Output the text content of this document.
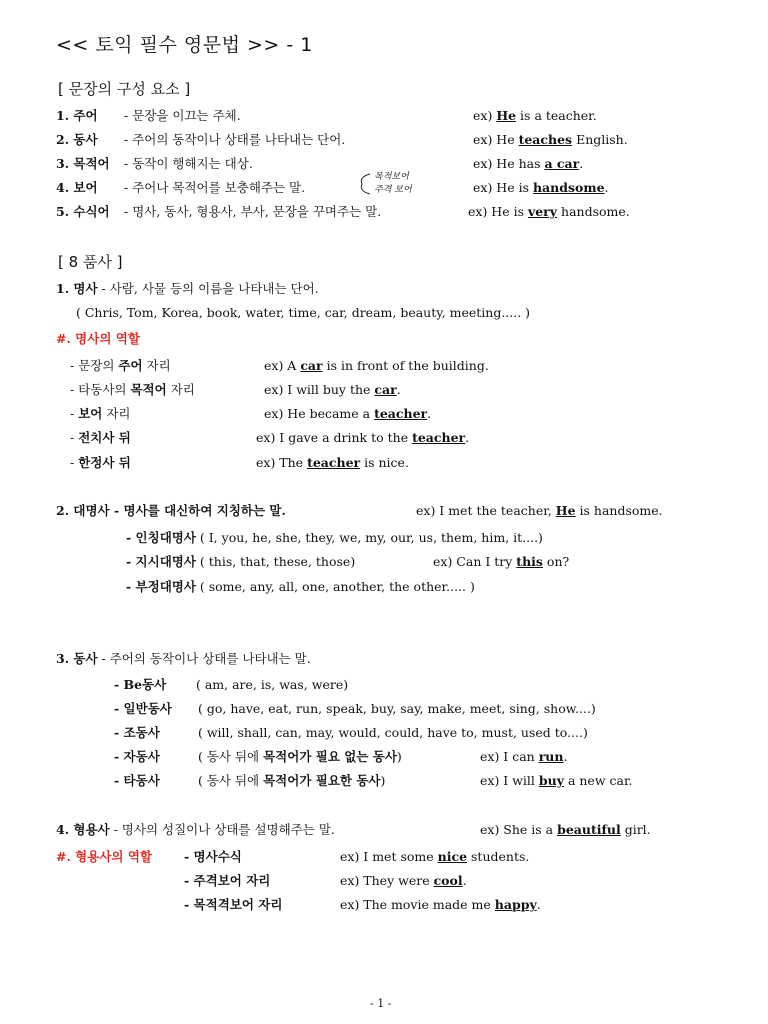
<< 토익 필수 영문법 >> - 1
[ 문장의 구성 요소 ]
1. 주어 - 문장을 이끄는 주체.	ex) He is a teacher.
2. 동사 - 주어의 동작이나 상태를 나타내는 단어.	ex) He teaches English.
3. 목적어 - 동작이 행해지는 대상.	ex) He has a car.
4. 보어 - 주어나 목적어를 보충해주는 말.	ex) He is handsome.
목적보어
주격 보어
5. 수식어 - 명사, 동사, 형용사, 부사, 문장을 꾸며주는 말.	ex) He is very handsome.
[ 8 품사 ]
1. 명사 - 사람, 사물 등의 이름을 나타내는 단어.
( Chris, Tom, Korea, book, water, time, car, dream, beauty, meeting..... )
#. 명사의 역할
- 문장의 주어 자리	ex) A car is in front of the building.
- 타동사의 목적어 자리	ex) I will buy the car.
- 보어 자리	ex) He became a teacher.
- 전치사 뒤	ex) I gave a drink to the teacher.
- 한정사 뒤	ex) The teacher is nice.
2. 대명사 - 명사를 대신하여 지칭하는 말.	ex) I met the teacher, He is handsome.
- 인칭대명사 ( I, you, he, she, they, we, my, our, us, them, him, it....)
- 지시대명사 ( this, that, these, those)	ex) Can I try this on?
- 부정대명사 ( some, any, all, one, another, the other..... )
3. 동사 - 주어의 동작이나 상태를 나타내는 말.
- Be동사 ( am, are, is, was, were)
- 일반동사 ( go, have, eat, run, speak, buy, say, make, meet, sing, show....)
- 조동사	( will, shall, can, may, would, could, have to, must, used to....)
- 자동사	( 동사 뒤에 목적어가 필요 없는 동사)	ex) I can run.
- 타동사	( 동사 뒤에 목적어가 필요한 동사)	ex) I will buy a new car.
4. 형용사 - 명사의 성질이나 상태를 설명해주는 말.	ex) She is a beautiful girl.
#. 형용사의 역할	- 명사수식	ex) I met some nice students.
- 주격보어 자리	ex) They were cool.
- 목적격보어 자리	ex) The movie made me happy.
- 1 -
